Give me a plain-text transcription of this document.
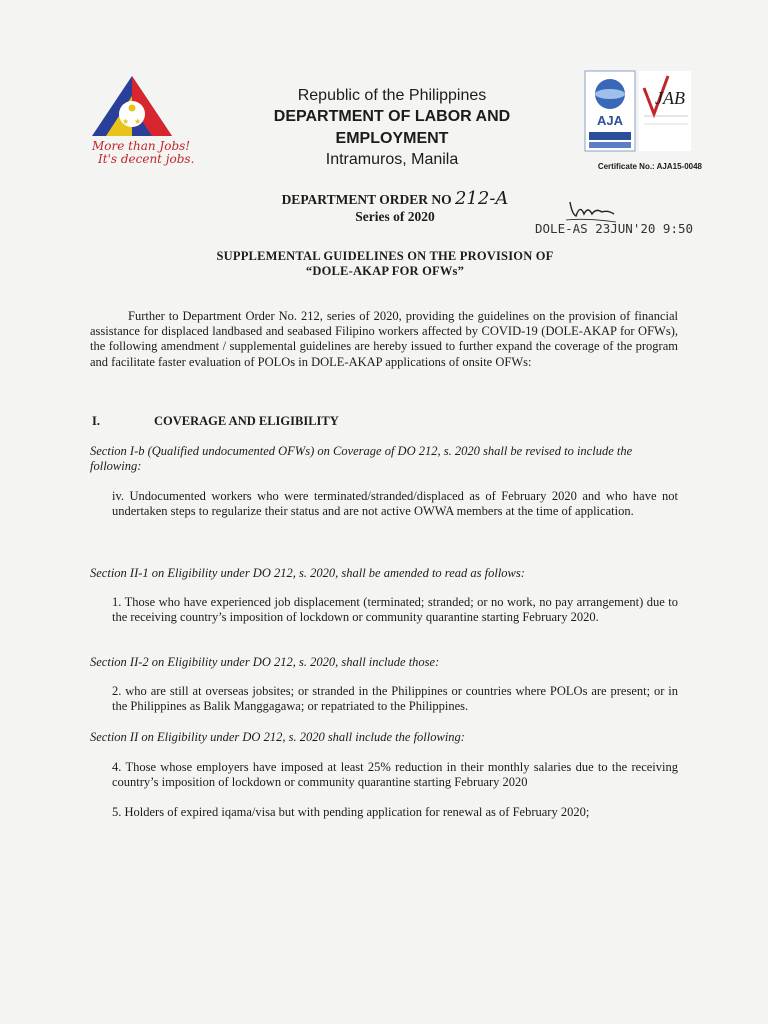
★ ★
More than Jobs!
It's decent jobs.
Republic of the Philippines
DEPARTMENT OF LABOR AND EMPLOYMENT
Intramuros, Manila
AJA
JAB
Certificate No.: AJA15-0048
DEPARTMENT ORDER NO 212-A
Series of 2020
DOLE-AS 23JUN'20 9:50
SUPPLEMENTAL GUIDELINES ON THE PROVISION OF
“DOLE-AKAP FOR OFWs”
Further to Department Order No. 212, series of 2020, providing the guidelines on the provision of financial assistance for displaced landbased and seabased Filipino workers affected by COVID-19 (DOLE-AKAP for OFWs), the following amendment / supplemental guidelines are hereby issued to further expand the coverage of the program and facilitate faster evaluation of POLOs in DOLE-AKAP applications of onsite OFWs:
I.	COVERAGE AND ELIGIBILITY
Section I-b (Qualified undocumented OFWs) on Coverage of DO 212, s. 2020 shall be revised to include the following:
iv. Undocumented workers who were terminated/stranded/displaced as of February 2020 and who have not undertaken steps to regularize their status and are not active OWWA members at the time of application.
Section II-1 on Eligibility under DO 212, s. 2020, shall be amended to read as follows:
1. Those who have experienced job displacement (terminated; stranded; or no work, no pay arrangement) due to the receiving country’s imposition of lockdown or community quarantine starting February 2020.
Section II-2 on Eligibility under DO 212, s. 2020, shall include those:
2. who are still at overseas jobsites; or stranded in the Philippines or countries where POLOs are present; or in the Philippines as Balik Manggagawa; or repatriated to the Philippines.
Section II on Eligibility under DO 212, s. 2020 shall include the following:
4. Those whose employers have imposed at least 25% reduction in their monthly salaries due to the receiving country’s imposition of lockdown or community quarantine starting February 2020
5. Holders of expired iqama/visa but with pending application for renewal as of February 2020;
